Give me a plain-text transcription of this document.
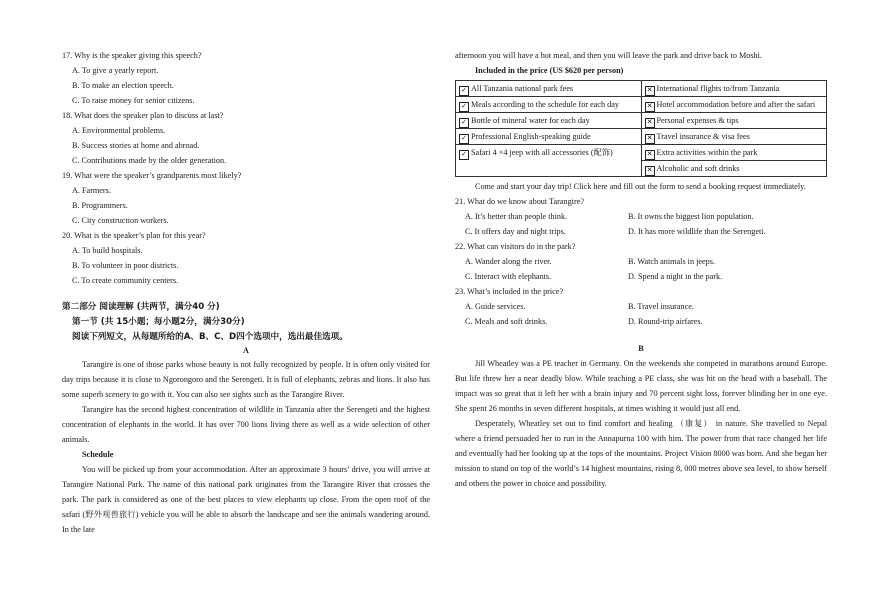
17. Why is the speaker giving this speech?

A. To give a yearly report.
B. To make an election speech.
C. To raise money for senior citizens.

18. What does the speaker plan to discuss at last?

A. Environmental problems.
B. Success stories at home and abroad.
C. Contributions made by the older generation.

19. What were the speaker’s grandparents most likely?

A. Farmers.
B. Programmers.
C. City construction workers.

20. What is the speaker’s plan for this year?

A. To build hospitals.
B. To volunteer in poor districts.
C. To create community centers.
第二部分 阅读理解 (共两节，满分40 分)
第一节 (共 15小题；每小题2分，满分30分)
阅读下列短文，从每题所给的A、B、C、D四个选项中，选出最佳选项。
A

Tarangire is one of those parks whose beauty is not fully recognized by people. It is often only visited for day trips because it is close to Ngorongoro and the Serengeti. It is full of elephants, zebras and lions. It also has some superb scenery to go with it. You can also see sights such as the Tarangire River.

Tarangire has the second highest concentration of wildlife in Tanzania after the Serengeti and the highest concentration of elephants in the world. It has over 700 lions living there as well as a wide selection of other animals.

Schedule

You will be picked up from your accommodation. After an approximate 3 hours’ drive, you will arrive at Tarangire National Park. The name of this national park originates from the Tarangire River that crosses the park. The park is considered as one of the best places to view elephants up close. From the open roof of the safari (野外观兽旅行) vehicle you will be able to absorb the landscape and see the animals wandering around. In the late

afternoon you will have a hot meal, and then you will leave the park and drive back to Moshi.

Included in the price (US $620 per person)
✓ All Tanzania national park fees	✕ International flights to/from Tanzania
✓ Meals according to the schedule for each day	✕ Hotel accommodation before and after the safari
✓ Bottle of mineral water for each day	✕ Personal expenses & tips
✓ Professional English-speaking guide	✕ Travel insurance & visa fees
✓ Safari 4 ×4 jeep with all accessories (配饰)	✕ Extra activities within the park
	✕ Alcoholic and soft drinks

Come and start your day trip! Click here and fill out the form to send a booking request immediately.

21. What do we know about Tarangire?

A. It’s better than people think.	B. It owns the biggest lion population.
C. It offers day and night trips.	D. It has more wildlife than the Serengeti.

22. What can visitors do in the park?

A. Wander along the river.	B. Watch animals in jeeps.
C. Interact with elephants.	D. Spend a night in the park.

23. What’s included in the price?

A. Guide services.	B. Travel insurance.
C. Meals and soft drinks.	D. Round-trip airfares.
B

Jill Wheatley was a PE teacher in Germany. On the weekends she competed in marathons around Europe. But life threw her a near deadly blow. While teaching a PE class, she was hit on the head with a baseball. The impact was so great that it left her with a brain injury and 70 percent sight loss, forever blinding her in one eye. She spent 26 months in seven different hospitals, at times wishing it would just all end.

Desperately, Wheatley set out to find comfort and healing （康复） in nature. She travelled to Nepal where a friend persuaded her to run in the Annapurna 100 with him. The power from that race changed her life and eventually had her looking up at the tops of the mountains. Project Vision 8000 was born. And she began her mission to stand on top of the world’s 14 highest mountains, rising 8, 000 metres above sea level, to show herself and others the power in choice and possibility.
